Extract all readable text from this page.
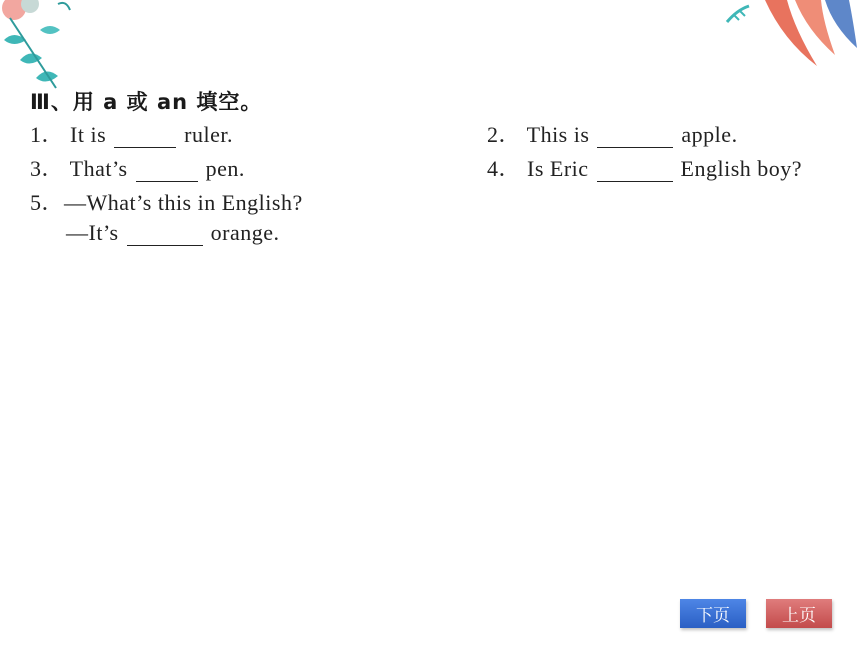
Ⅲ、用 a 或 an 填空。
1． It is	ruler.	2． This is	apple.
3． That’s	pen.	4． Is Eric	English boy?
5．—What’s this in English?
—It’s	orange.
下页	上页
